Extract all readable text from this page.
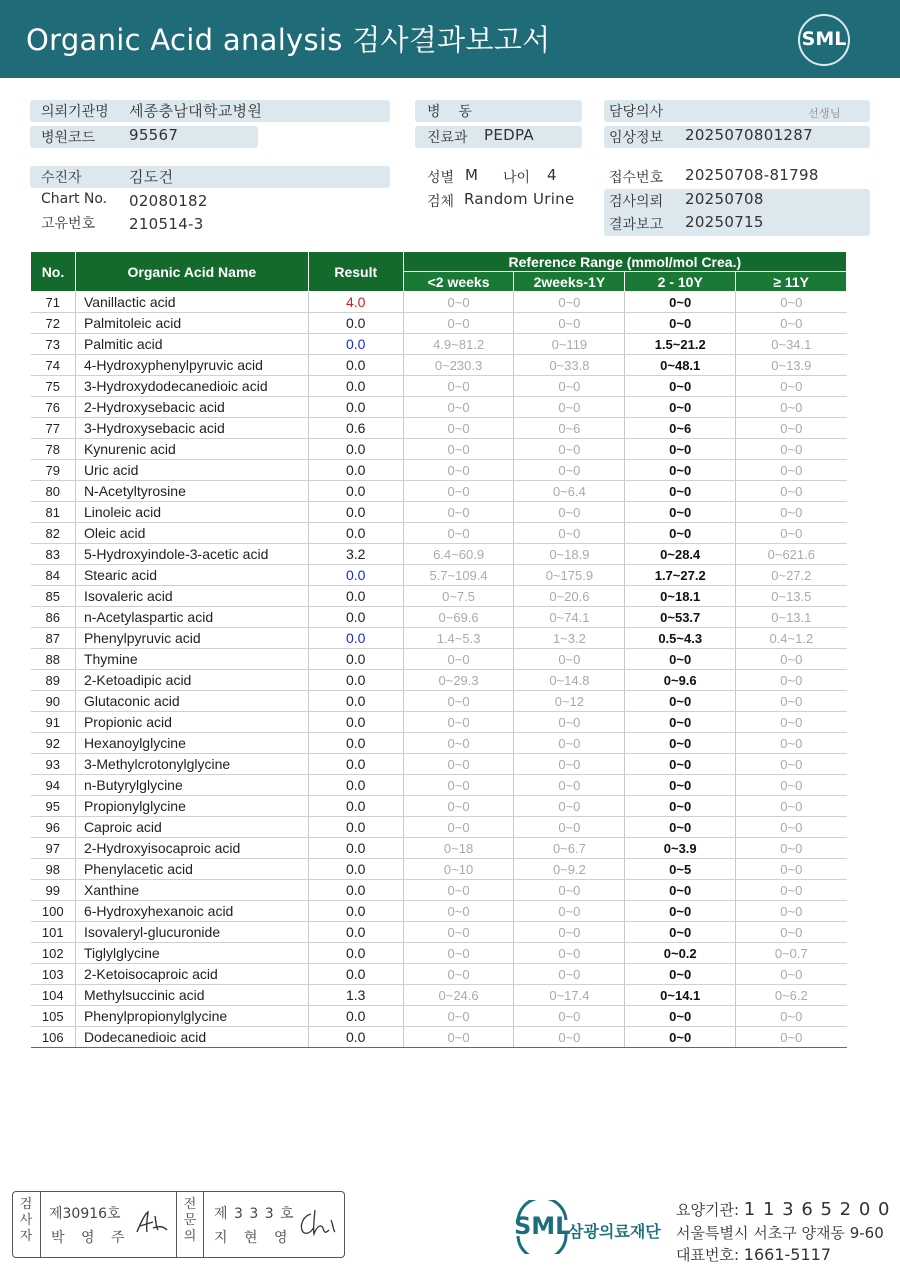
Organic Acid analysis 검사결과보고서	SML
의뢰기관명 세종충남대학교병원
병원코드 95567
수진자	김도건
Chart No. 02080182
고유번호 210514-3
병    동
진료과 PEDPA
성별 M 나이 4
검체 Random Urine
담당의사	선생님
임상정보 2025070801287
접수번호 20250708-81798
검사의뢰 20250708
결과보고 20250715
No.	Organic Acid Name	Result	Reference Range (mmol/mol Crea.)			
			<2 weeks	2weeks-1Y	2 - 10Y	≥ 11Y
71	Vanillactic acid	4.0	0~0	0~0	0~0	0~0
72	Palmitoleic acid	0.0	0~0	0~0	0~0	0~0
73	Palmitic acid	0.0	4.9~81.2	0~119	1.5~21.2	0~34.1
74	4-Hydroxyphenylpyruvic acid	0.0	0~230.3	0~33.8	0~48.1	0~13.9
75	3-Hydroxydodecanedioic acid	0.0	0~0	0~0	0~0	0~0
76	2-Hydroxysebacic acid	0.0	0~0	0~0	0~0	0~0
77	3-Hydroxysebacic acid	0.6	0~0	0~6	0~6	0~0
78	Kynurenic acid	0.0	0~0	0~0	0~0	0~0
79	Uric acid	0.0	0~0	0~0	0~0	0~0
80	N-Acetyltyrosine	0.0	0~0	0~6.4	0~0	0~0
81	Linoleic acid	0.0	0~0	0~0	0~0	0~0
82	Oleic acid	0.0	0~0	0~0	0~0	0~0
83	5-Hydroxyindole-3-acetic acid	3.2	6.4~60.9	0~18.9	0~28.4	0~621.6
84	Stearic acid	0.0	5.7~109.4	0~175.9	1.7~27.2	0~27.2
85	Isovaleric acid	0.0	0~7.5	0~20.6	0~18.1	0~13.5
86	n-Acetylaspartic acid	0.0	0~69.6	0~74.1	0~53.7	0~13.1
87	Phenylpyruvic acid	0.0	1.4~5.3	1~3.2	0.5~4.3	0.4~1.2
88	Thymine	0.0	0~0	0~0	0~0	0~0
89	2-Ketoadipic acid	0.0	0~29.3	0~14.8	0~9.6	0~0
90	Glutaconic acid	0.0	0~0	0~12	0~0	0~0
91	Propionic acid	0.0	0~0	0~0	0~0	0~0
92	Hexanoylglycine	0.0	0~0	0~0	0~0	0~0
93	3-Methylcrotonylglycine	0.0	0~0	0~0	0~0	0~0
94	n-Butyrylglycine	0.0	0~0	0~0	0~0	0~0
95	Propionylglycine	0.0	0~0	0~0	0~0	0~0
96	Caproic acid	0.0	0~0	0~0	0~0	0~0
97	2-Hydroxyisocaproic acid	0.0	0~18	0~6.7	0~3.9	0~0
98	Phenylacetic acid	0.0	0~10	0~9.2	0~5	0~0
99	Xanthine	0.0	0~0	0~0	0~0	0~0
100	6-Hydroxyhexanoic acid	0.0	0~0	0~0	0~0	0~0
101	Isovaleryl-glucuronide	0.0	0~0	0~0	0~0	0~0
102	Tiglylglycine	0.0	0~0	0~0	0~0.2	0~0.7
103	2-Ketoisocaproic acid	0.0	0~0	0~0	0~0	0~0
104	Methylsuccinic acid	1.3	0~24.6	0~17.4	0~14.1	0~6.2
105	Phenylpropionylglycine	0.0	0~0	0~0	0~0	0~0
106	Dodecanedioic acid	0.0	0~0	0~0	0~0	0~0
검사자
제30916호
박 영 주
전문의
제 3 3 3 호
지 현 영	SML
삼광의료재단
요양기관: 1 1 3 6 5 2 0 0
서울특별시 서초구 양재동 9-60
대표번호: 1661-5117
